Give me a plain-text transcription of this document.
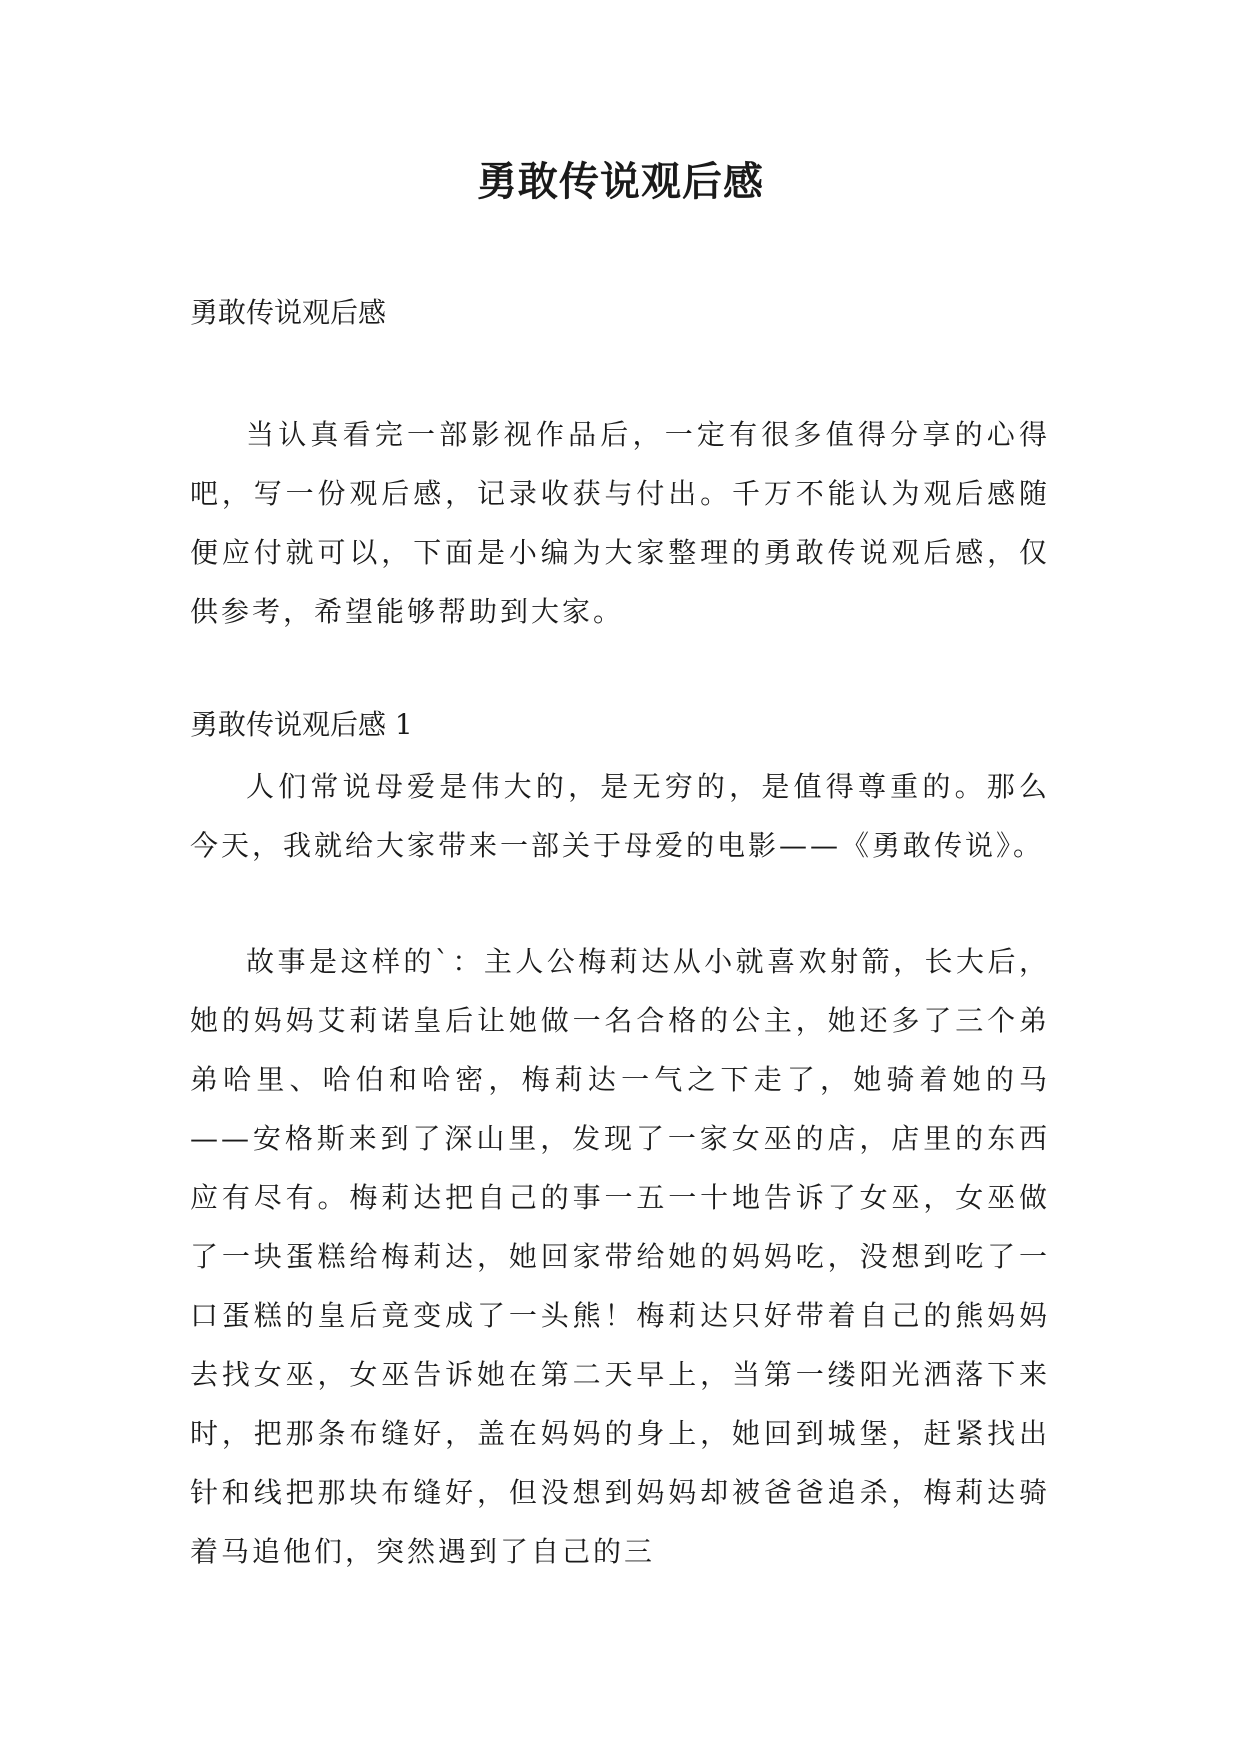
勇敢传说观后感
勇敢传说观后感

当认真看完一部影视作品后，一定有很多值得分享的心得吧，写一份观后感，记录收获与付出。千万不能认为观后感随便应付就可以，下面是小编为大家整理的勇敢传说观后感，仅供参考，希望能够帮助到大家。

勇敢传说观后感 1

人们常说母爱是伟大的，是无穷的，是值得尊重的。那么今天，我就给大家带来一部关于母爱的电影——《勇敢传说》。

故事是这样的`：主人公梅莉达从小就喜欢射箭，长大后，她的妈妈艾莉诺皇后让她做一名合格的公主，她还多了三个弟弟哈里、哈伯和哈密，梅莉达一气之下走了，她骑着她的马——安格斯来到了深山里，发现了一家女巫的店，店里的东西应有尽有。梅莉达把自己的事一五一十地告诉了女巫，女巫做了一块蛋糕给梅莉达，她回家带给她的妈妈吃，没想到吃了一口蛋糕的皇后竟变成了一头熊！梅莉达只好带着自己的熊妈妈去找女巫，女巫告诉她在第二天早上，当第一缕阳光洒落下来时，把那条布缝好，盖在妈妈的身上，她回到城堡，赶紧找出针和线把那块布缝好，但没想到妈妈却被爸爸追杀，梅莉达骑着马追他们，突然遇到了自己的三
